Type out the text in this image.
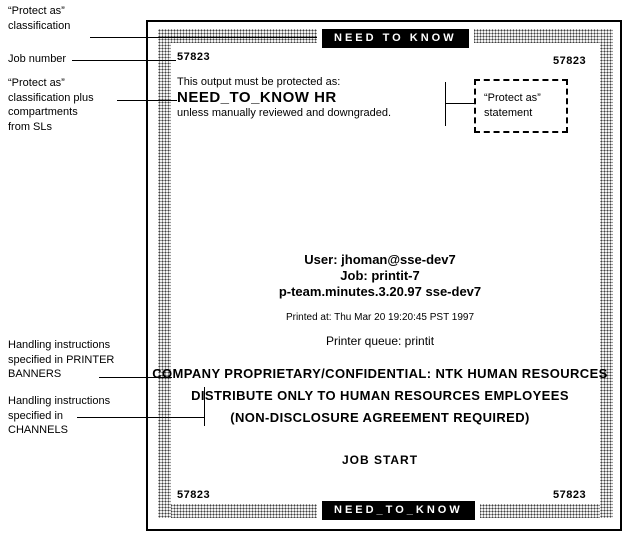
NEED TO KNOW
NEED_TO_KNOW
57823	57823
57823	57823
This output must be protected as:
NEED_TO_KNOW HR
unless manually reviewed and downgraded.
“Protect as”
statement
User: jhoman@sse-dev7
Job: printit-7
p-team.minutes.3.20.97 sse-dev7
Printed at: Thu Mar 20 19:20:45 PST 1997
Printer queue: printit
COMPANY PROPRIETARY/CONFIDENTIAL: NTK HUMAN RESOURCES
DISTRIBUTE ONLY TO HUMAN RESOURCES EMPLOYEES
(NON-DISCLOSURE AGREEMENT REQUIRED)
JOB START
“Protect as”
classification
Job number
“Protect as”
classification plus
compartments
from SLs
Handling instructions
specified in PRINTER
BANNERS
Handling instructions
specified in
CHANNELS
